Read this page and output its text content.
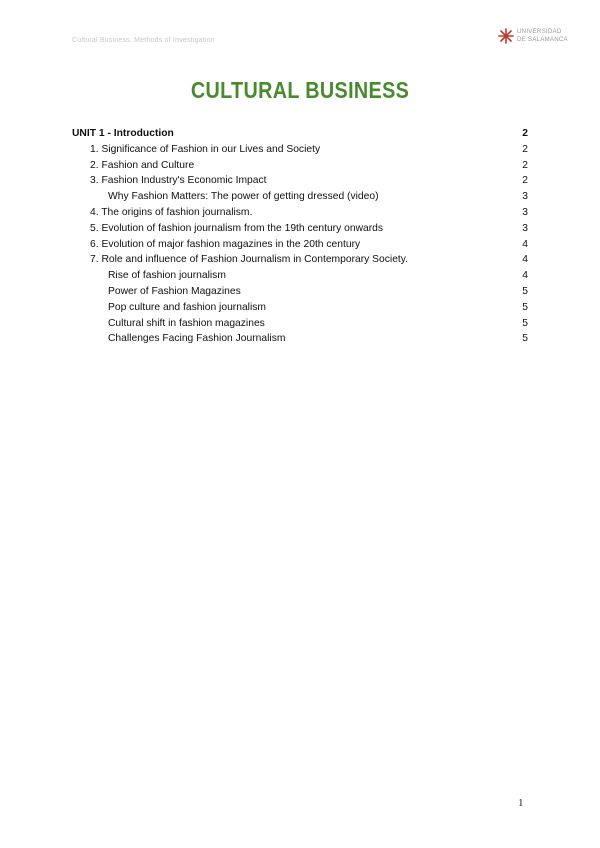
Cultural Business: Methods of Investigation
UNIVERSIDAD
DE SALAMANCA
CULTURAL BUSINESS
UNIT 1 - Introduction	2
1. Significance of Fashion in our Lives and Society	2
2. Fashion and Culture	2
3. Fashion Industry's Economic Impact	2
Why Fashion Matters: The power of getting dressed (video)	3
4. The origins of fashion journalism.	3
5. Evolution of fashion journalism from the 19th century onwards	3
6. Evolution of major fashion magazines in the 20th century	4
7. Role and influence of Fashion Journalism in Contemporary Society.	4
Rise of fashion journalism	4
Power of Fashion Magazines	5
Pop culture and fashion journalism	5
Cultural shift in fashion magazines	5
Challenges Facing Fashion Journalism	5
1
